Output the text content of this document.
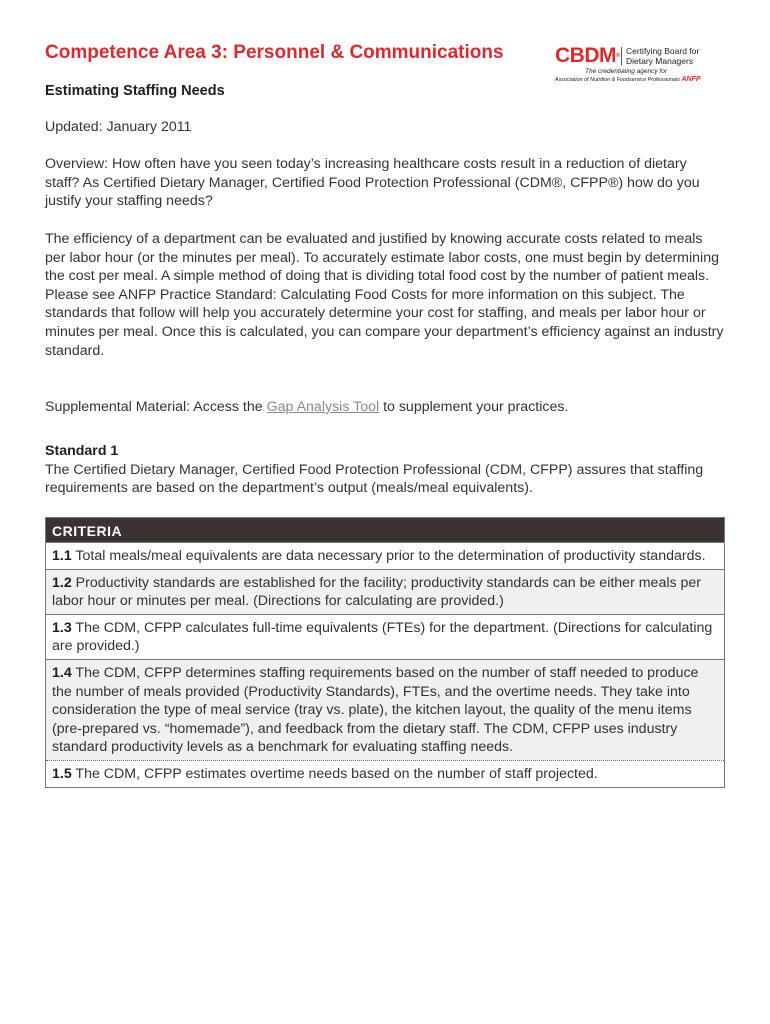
Competence Area 3: Personnel & Communications CBDM® Certifying Board for
Dietary Managers
The credentialing agency for
Association of Nutrition & Foodservice Professionals ANFP
Estimating Staffing Needs

Updated: January 2011

Overview: How often have you seen today’s increasing healthcare costs result in a reduction of dietary staff? As Certified Dietary Manager, Certified Food Protection Professional (CDM®, CFPP®) how do you justify your staffing needs?

The efficiency of a department can be evaluated and justified by knowing accurate costs related to meals per labor hour (or the minutes per meal). To accurately estimate labor costs, one must begin by determining the cost per meal. A simple method of doing that is dividing total food cost by the number of patient meals. Please see ANFP Practice Standard: Calculating Food Costs for more information on this subject. The standards that follow will help you accurately determine your cost for staffing, and meals per labor hour or minutes per meal. Once this is calculated, you can compare your department’s efficiency against an industry standard.

Supplemental Material: Access the Gap Analysis Tool to supplement your practices.

Standard 1
The Certified Dietary Manager, Certified Food Protection Professional (CDM, CFPP) assures that staffing requirements are based on the department’s output (meals/meal equivalents).

CRITERIA
1.1 Total meals/meal equivalents are data necessary prior to the determination of productivity standards.
1.2 Productivity standards are established for the facility; productivity standards can be either meals per labor hour or minutes per meal. (Directions for calculating are provided.)
1.3 The CDM, CFPP calculates full-time equivalents (FTEs) for the department. (Directions for calculating are provided.)
1.4 The CDM, CFPP determines staffing requirements based on the number of staff needed to produce the number of meals provided (Productivity Standards), FTEs, and the overtime needs. They take into consideration the type of meal service (tray vs. plate), the kitchen layout, the quality of the menu items (pre-prepared vs. “homemade”), and feedback from the dietary staff. The CDM, CFPP uses industry standard productivity levels as a benchmark for evaluating staffing needs.
1.5 The CDM, CFPP estimates overtime needs based on the number of staff projected.
